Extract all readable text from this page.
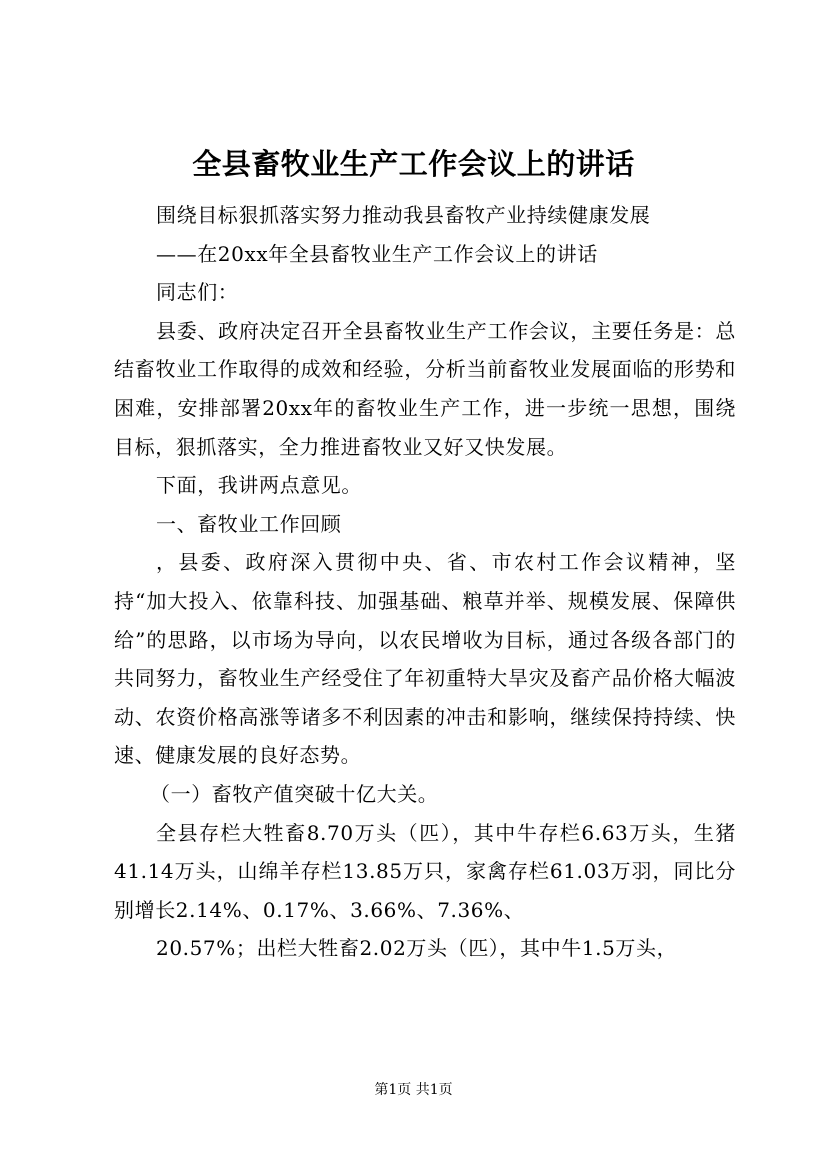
全县畜牧业生产工作会议上的讲话

围绕目标狠抓落实努力推动我县畜牧产业持续健康发展

——在20xx年全县畜牧业生产工作会议上的讲话

同志们：

县委、政府决定召开全县畜牧业生产工作会议，主要任务是：总结畜牧业工作取得的成效和经验，分析当前畜牧业发展面临的形势和困难，安排部署20xx年的畜牧业生产工作，进一步统一思想，围绕目标，狠抓落实，全力推进畜牧业又好又快发展。

下面，我讲两点意见。

一、畜牧业工作回顾

，县委、政府深入贯彻中央、省、市农村工作会议精神，坚持“加大投入、依靠科技、加强基础、粮草并举、规模发展、保障供给”的思路，以市场为导向，以农民增收为目标，通过各级各部门的共同努力，畜牧业生产经受住了年初重特大旱灾及畜产品价格大幅波动、农资价格高涨等诸多不利因素的冲击和影响，继续保持持续、快速、健康发展的良好态势。

（一）畜牧产值突破十亿大关。

全县存栏大牲畜8.70万头（匹），其中牛存栏6.63万头，生猪41.14万头，山绵羊存栏13.85万只，家禽存栏61.03万羽，同比分别增长2.14%、0.17%、3.66%、7.36%、

20.57%；出栏大牲畜2.02万头（匹），其中牛1.5万头，

第1页 共1页
